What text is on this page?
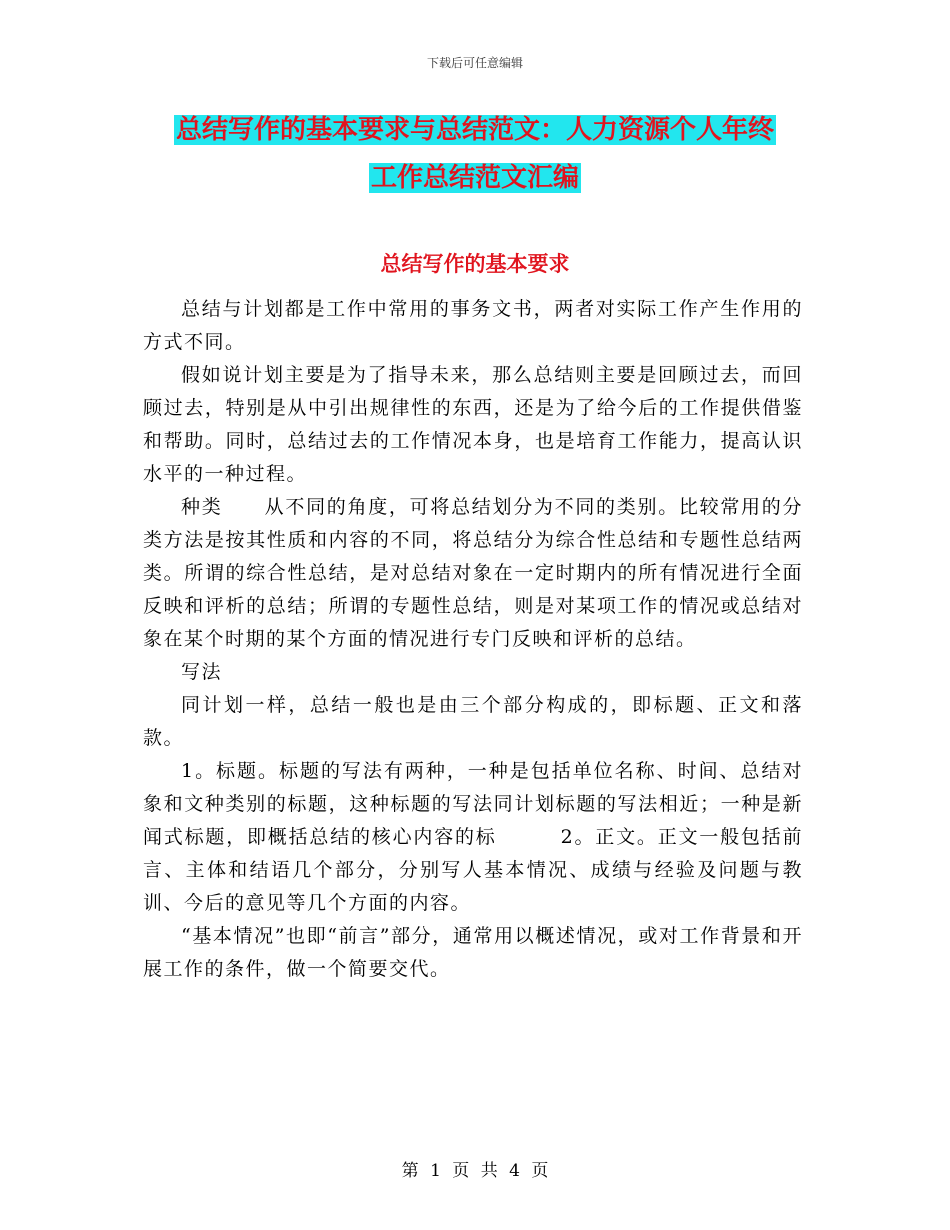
下载后可任意编辑
总结写作的基本要求与总结范文：人力资源个人年终
工作总结范文汇编
总结写作的基本要求

总结与计划都是工作中常用的事务文书，两者对实际工作产生作用的方式不同。

假如说计划主要是为了指导未来，那么总结则主要是回顾过去，而回顾过去，特别是从中引出规律性的东西，还是为了给今后的工作提供借鉴和帮助。同时，总结过去的工作情况本身，也是培育工作能力，提高认识水平的一种过程。

种类 从不同的角度，可将总结划分为不同的类别。比较常用的分类方法是按其性质和内容的不同，将总结分为综合性总结和专题性总结两类。所谓的综合性总结，是对总结对象在一定时期内的所有情况进行全面反映和评析的总结；所谓的专题性总结，则是对某项工作的情况或总结对象在某个时期的某个方面的情况进行专门反映和评析的总结。

写法

同计划一样，总结一般也是由三个部分构成的，即标题、正文和落款。

1。标题。标题的写法有两种，一种是包括单位名称、时间、总结对象和文种类别的标题，这种标题的写法同计划标题的写法相近；一种是新闻式标题，即概括总结的核心内容的标	2。正文。正文一般包括前言、主体和结语几个部分，分别写人基本情况、成绩与经验及问题与教训、今后的意见等几个方面的内容。

“基本情况”也即“前言”部分，通常用以概述情况，或对工作背景和开展工作的条件，做一个简要交代。

第 1 页 共 4 页
